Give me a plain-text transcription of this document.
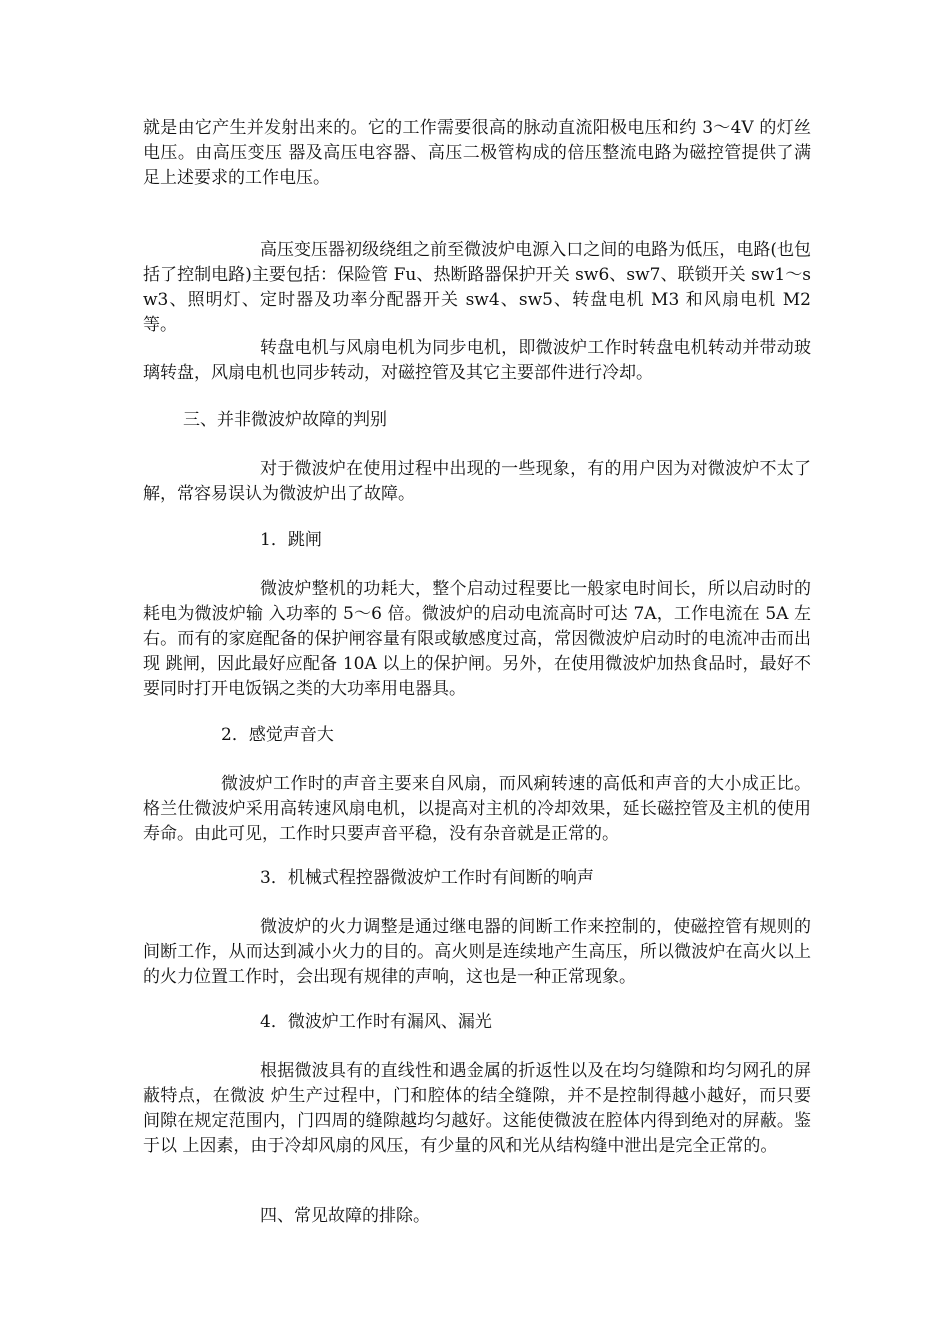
就是由它产生并发射出来的。它的工作需要很高的脉动直流阳极电压和约 3～4V 的灯丝电压。由高压变压 器及高压电容器、高压二极管构成的倍压整流电路为磁控管提供了满足上述要求的工作电压。

高压变压器初级绕组之前至微波炉电源入口之间的电路为低压，电路(也包括了控制电路)主要包括：保险管 Fu、热断路器保护开关 sw6、sw7、联锁开关 sw1～sw3、照明灯、定时器及功率分配器开关 sw4、sw5、转盘电机 M3 和风扇电机 M2 等。

转盘电机与风扇电机为同步电机，即微波炉工作时转盘电机转动并带动玻璃转盘，风扇电机也同步转动，对磁控管及其它主要部件进行冷却。

三、并非微波炉故障的判别

对于微波炉在使用过程中出现的一些现象，有的用户因为对微波炉不太了解，常容易误认为微波炉出了故障。

1．跳闸

微波炉整机的功耗大，整个启动过程要比一般家电时间长，所以启动时的耗电为微波炉输 入功率的 5～6 倍。微波炉的启动电流高时可达 7A，工作电流在 5A 左右。而有的家庭配备的保护闸容量有限或敏感度过高，常因微波炉启动时的电流冲击而出现 跳闸，因此最好应配备 10A 以上的保护闸。另外，在使用微波炉加热食品时，最好不要同时打开电饭锅之类的大功率用电器具。

2．感觉声音大

微波炉工作时的声音主要来自风扇，而风痢转速的高低和声音的大小成正比。格兰仕微波炉采用高转速风扇电机，以提高对主机的冷却效果，延长磁控管及主机的使用寿命。由此可见，工作时只要声音平稳，没有杂音就是正常的。

3．机械式程控器微波炉工作时有间断的响声

微波炉的火力调整是通过继电器的间断工作来控制的，使磁控管有规则的间断工作，从而达到减小火力的目的。高火则是连续地产生高压，所以微波炉在高火以上的火力位置工作时，会出现有规律的声响，这也是一种正常现象。

4．微波炉工作时有漏风、漏光

根据微波具有的直线性和遇金属的折返性以及在均匀缝隙和均匀网孔的屏蔽特点，在微波 炉生产过程中，门和腔体的结全缝隙，并不是控制得越小越好，而只要间隙在规定范围内，门四周的缝隙越均匀越好。这能使微波在腔体内得到绝对的屏蔽。鉴于以 上因素，由于冷却风扇的风压，有少量的风和光从结构缝中泄出是完全正常的。

四、常见故障的排除。
